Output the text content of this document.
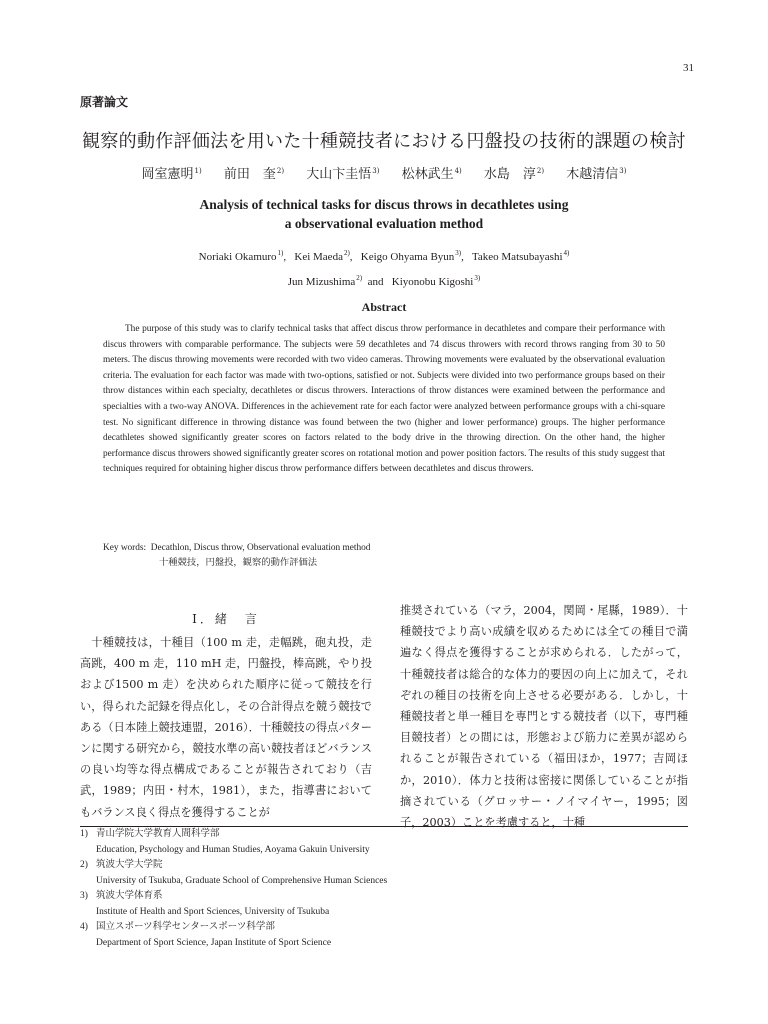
31
原著論文
観察的動作評価法を用いた十種競技者における円盤投の技術的課題の検討
岡室憲明$^{1)}$ 前田　奎$^{2)}$ 大山卞圭悟$^{3)}$ 松林武生$^{4)}$ 水島　淳$^{2)}$ 木越清信$^{3)}$
Analysis of technical tasks for discus throws in decathletes using
a observational evaluation method
Noriaki Okamuro$^{1)}$,   Kei Maeda$^{2)}$,   Keigo Ohyama Byun$^{3)}$,   Takeo Matsubayashi$^{4)}$
Jun Mizushima$^{2)}$  and   Kiyonobu Kigoshi$^{3)}$
Abstract

The purpose of this study was to clarify technical tasks that affect discus throw performance in decathletes and compare their performance with discus throwers with comparable performance. The subjects were 59 decathletes and 74 discus throwers with record throws ranging from 30 to 50 meters. The discus throwing movements were recorded with two video cameras. Throwing movements were evaluated by the observational evaluation criteria. The evaluation for each factor was made with two-options, satisfied or not. Subjects were divided into two performance groups based on their throw distances within each specialty, decathletes or discus throwers. Interactions of throw distances were examined between the performance and specialties with a two-way ANOVA. Differences in the achievement rate for each factor were analyzed between performance groups with a chi-square test. No significant difference in throwing distance was found between the two (higher and lower performance) groups. The higher performance decathletes showed significantly greater scores on factors related to the body drive in the throwing direction. On the other hand, the higher performance discus throwers showed significantly greater scores on rotational motion and power position factors. The results of this study suggest that techniques required for obtaining higher discus throw performance differs between decathletes and discus throwers.

Key words: Decathlon, Discus throw, Observational evaluation method
十種競技，円盤投，観察的動作評価法
Ⅰ．緒　言

十種競技は，十種目（100 m 走，走幅跳，砲丸投，走高跳，400 m 走，110 mH 走，円盤投，棒高跳，やり投および1500 m 走）を決められた順序に従って競技を行い，得られた記録を得点化し，その合計得点を競う競技である（日本陸上競技連盟，2016）．十種競技の得点パターンに関する研究から，競技水準の高い競技者ほどバランスの良い均等な得点構成であることが報告されており（吉武，1989；内田・村木，1981），また，指導書においてもバランス良く得点を獲得することが

推奨されている（マラ，2004，関岡・尾縣，1989）．十種競技でより高い成績を収めるためには全ての種目で満遍なく得点を獲得することが求められる．したがって，十種競技者は総合的な体力的要因の向上に加えて，それぞれの種目の技術を向上させる必要がある．しかし，十種競技者と単一種目を専門とする競技者（以下，専門種目競技者）との間には，形態および筋力に差異が認められることが報告されている（福田ほか，1977；吉岡ほか，2010）．体力と技術は密接に関係していることが指摘されている（グロッサー・ノイマイヤー，1995；図子，2003）ことを考慮すると，十種

1) 青山学院大学教育人間科学部
Education, Psychology and Human Studies, Aoyama Gakuin University
2) 筑波大学大学院
University of Tsukuba, Graduate School of Comprehensive Human Sciences
3) 筑波大学体育系
Institute of Health and Sport Sciences, University of Tsukuba
4) 国立スポーツ科学センタースポーツ科学部
Department of Sport Science, Japan Institute of Sport Science
